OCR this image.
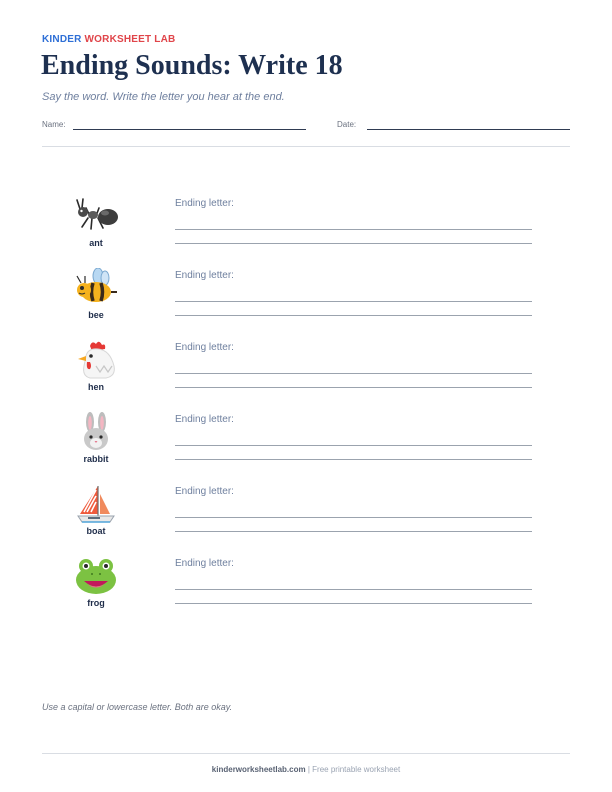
KINDER WORKSHEET LAB
Ending Sounds: Write 18
Say the word. Write the letter you hear at the end.
Name:	Date:
ant
Ending letter:
bee
Ending letter:
hen
Ending letter:
rabbit
Ending letter:
boat
Ending letter:
frog
Ending letter:
Use a capital or lowercase letter. Both are okay.
kinderworksheetlab.com | Free printable worksheet
